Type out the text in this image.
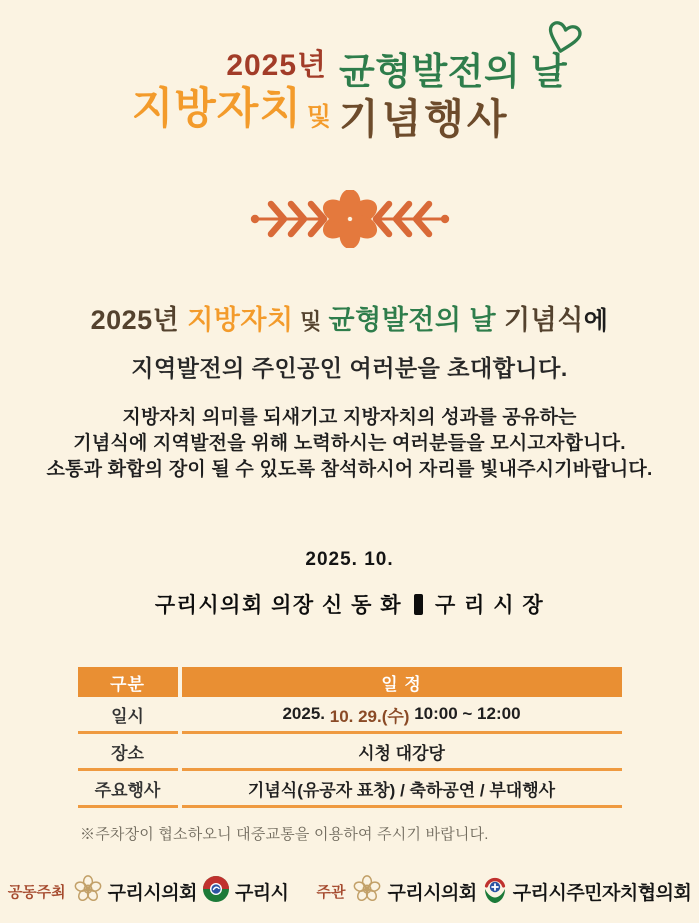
2025년
지방자치 및
균형발전의 날
기념행사
2025년 지방자치 및 균형발전의 날 기념식에
지역발전의 주인공인 여러분을 초대합니다.
지방자치 의미를 되새기고 지방자치의 성과를 공유하는
기념식에 지역발전을 위해 노력하시는 여러분들을 모시고자합니다.
소통과 화합의 장이 될 수 있도록 참석하시어 자리를 빛내주시기바랍니다.
2025. 10.
구리시의회 의장 신 동 화 구 리 시 장
구분	일 정
일시	2025. 10. 29.(수) 10:00 ~ 12:00
장소	시청 대강당
주요행사	기념식(유공자 표창) / 축하공연 / 부대행사
※주차장이 협소하오니 대중교통을 이용하여 주시기 바랍니다.
공동주최 구리시의회 구리시 주관 구리시의회 구리시주민자치협의회
